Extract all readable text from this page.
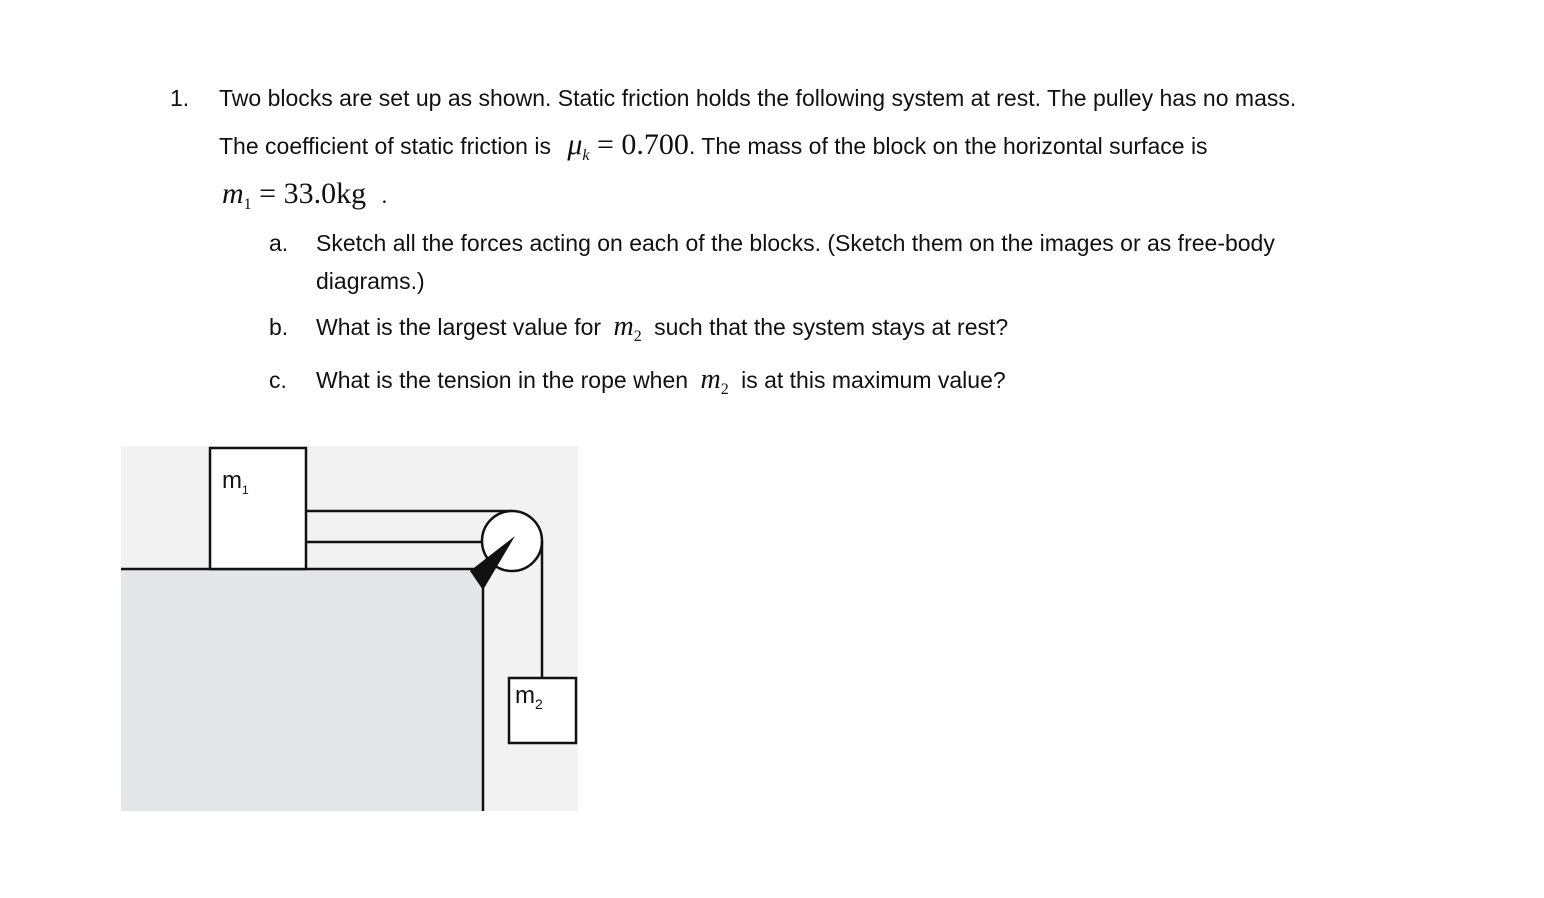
1. Two blocks are set up as shown. Static friction holds the following system at rest. The pulley has no mass.
The coefficient of static friction is $\mu_k = 0.700$. The mass of the block on the horizontal surface is
$m_1 = 33.0kg$ .
a. Sketch all the forces acting on each of the blocks. (Sketch them on the images or as free-body
diagrams.)
b. What is the largest value for $m_2$ such that the system stays at rest?
c. What is the tension in the rope when $m_2$ is at this maximum value?
$m_1$
$m_2$
